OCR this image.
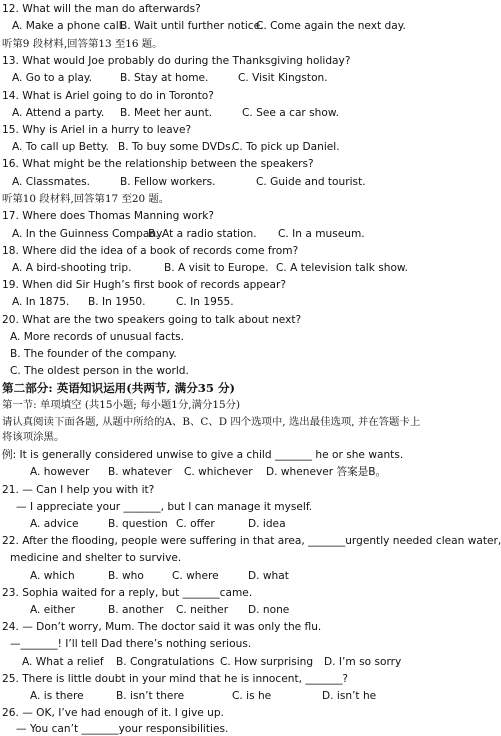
12. What will the man do afterwards?
A. Make a phone call.
B. Wait until further notice.
C. Come again the next day.
听第9 段材料,回答第13 至16 题。
13. What would Joe probably do during the Thanksgiving holiday?
A. Go to a play.	B. Stay at home.	C. Visit Kingston.
14. What is Ariel going to do in Toronto?
A. Attend a party. B. Meet her aunt.	C. See a car show.
15. Why is Ariel in a hurry to leave?
A. To call up Betty. B. To buy some DVDs.
C. To pick up Daniel.
16. What might be the relationship between the speakers?
A. Classmates.	B. Fellow workers.	C. Guide and tourist.
听第10 段材料,回答第17 至20 题。
17. Where does Thomas Manning work?
A. In the Guinness Company.
B. At a radio station. C. In a museum.
18. Where did the idea of a book of records come from?
A. A bird-shooting trip.	B. A visit to Europe. C. A television talk show.
19. When did Sir Hugh’s first book of records appear?
A. In 1875. B. In 1950.	C. In 1955.
20. What are the two speakers going to talk about next?
A. More records of unusual facts.
B. The founder of the company.
C. The oldest person in the world.
第二部分: 英语知识运用(共两节, 满分35 分)
第一节: 单项填空 (共15小题; 每小题1分,满分15分)
请认真阅读下面各题, 从题中所给的A、B、C、D 四个选项中, 选出最佳选项, 并在答题卡上
将该项涂黑。
例: It is generally considered unwise to give a child _______ he or she wants.
A. however B. whatever C. whichever D. whenever 答案是B。
21. — Can I help you with it?
— I appreciate your _______, but I can manage it myself.
A. advice	B. question C. offer	D. idea
22. After the flooding, people were suffering in that area, _______urgently needed clean water,
medicine and shelter to survive.
A. which	B. who	C. where	D. what
23. Sophia waited for a reply, but _______came.
A. either	B. another C. neither D. none
24. — Don’t worry, Mum. The doctor said it was only the flu.
—_______! I’ll tell Dad there’s nothing serious.
A. What a relief B. Congratulations C. How surprising D. I’m so sorry
25. There is little doubt in your mind that he is innocent, _______?
A. is there	B. isn’t there	C. is he	D. isn’t he
26. — OK, I’ve had enough of it. I give up.
— You can’t _______your responsibilities.
